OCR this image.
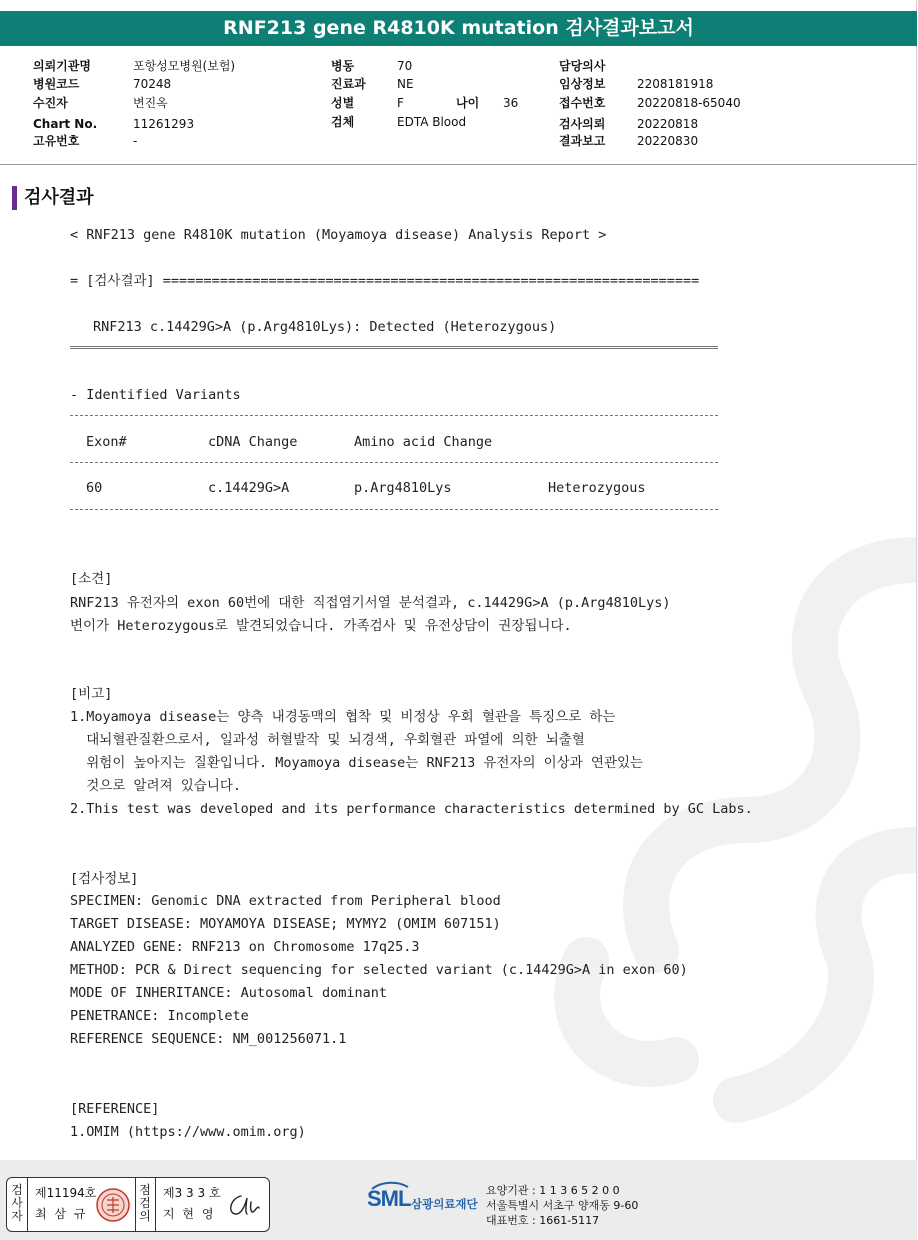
RNF213 gene R4810K mutation 검사결과보고서
의뢰기관명	포항성모병원(보험)
병원코드	70248
수진자	변진옥
Chart No.	11261293
고유번호	-
병동	70
진료과	NE
성별	F	나이 36
검체	EDTA Blood
담당의사
임상정보	2208181918
접수번호	20220818-65040
검사의뢰	20220818
결과보고	20220830
검사결과
< RNF213 gene R4810K mutation (Moyamoya disease) Analysis Report >
= [검사결과] ==================================================================
RNF213 c.14429G>A (p.Arg4810Lys): Detected (Heterozygous)
- Identified Variants
Exon#	cDNA Change	Amino acid Change
60	c.14429G>A	p.Arg4810Lys	Heterozygous
[소견]
RNF213 유전자의 exon 60번에 대한 직접염기서열 분석결과, c.14429G>A (p.Arg4810Lys)
변이가 Heterozygous로 발견되었습니다. 가족검사 및 유전상담이 권장됩니다.
[비고]
1.Moyamoya disease는 양측 내경동맥의 협착 및 비정상 우회 혈관을 특징으로 하는
대뇌혈관질환으로서, 일과성 허혈발작 및 뇌경색, 우회혈관 파열에 의한 뇌출혈
위험이 높아지는 질환입니다. Moyamoya disease는 RNF213 유전자의 이상과 연관있는
것으로 알려져 있습니다.
2.This test was developed and its performance characteristics determined by GC Labs.
[검사정보]
SPECIMEN: Genomic DNA extracted from Peripheral blood
TARGET DISEASE: MOYAMOYA DISEASE; MYMY2 (OMIM 607151)
ANALYZED GENE: RNF213 on Chromosome 17q25.3
METHOD: PCR & Direct sequencing for selected variant (c.14429G>A in exon 60)
MODE OF INHERITANCE: Autosomal dominant
PENETRANCE: Incomplete
REFERENCE SEQUENCE: NM_001256071.1
[REFERENCE]
1.OMIM (https://www.omim.org)
검사자
제11194호
최 삼 규
점검의
제3 3 3 호
지 현 영
SML 삼광의료재단
요양기관 : 1 1 3 6 5 2 0 0
서울특별시 서초구 양재동 9-60
대표번호 : 1661-5117
